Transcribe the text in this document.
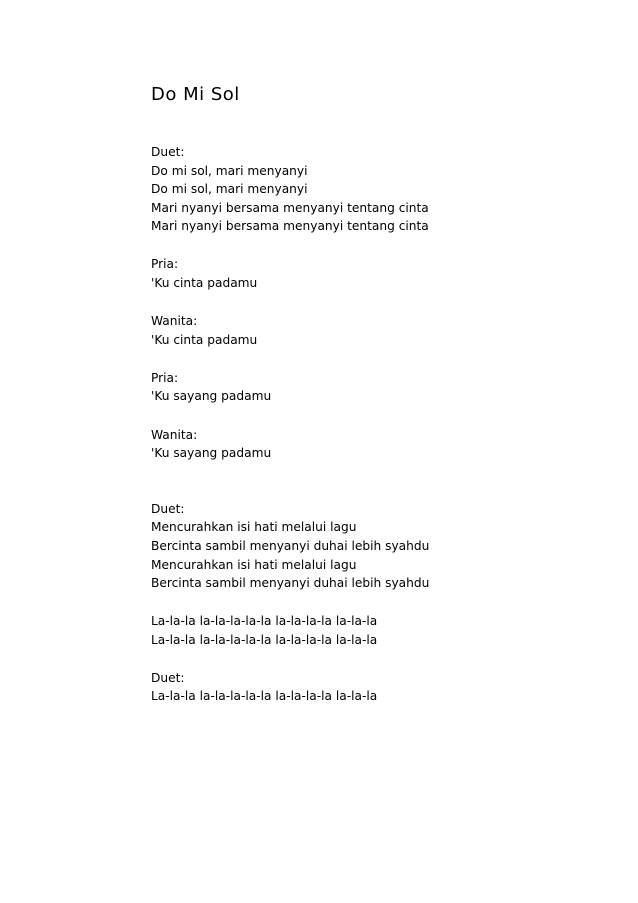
Do Mi Sol
Duet:
Do mi sol, mari menyanyi
Do mi sol, mari menyanyi
Mari nyanyi bersama menyanyi tentang cinta
Mari nyanyi bersama menyanyi tentang cinta
Pria:
'Ku cinta padamu
Wanita:
'Ku cinta padamu
Pria:
'Ku sayang padamu
Wanita:
'Ku sayang padamu
Duet:
Mencurahkan isi hati melalui lagu
Bercinta sambil menyanyi duhai lebih syahdu
Mencurahkan isi hati melalui lagu
Bercinta sambil menyanyi duhai lebih syahdu
La-la-la la-la-la-la-la la-la-la-la la-la-la
La-la-la la-la-la-la-la la-la-la-la la-la-la
Duet:
La-la-la la-la-la-la-la la-la-la-la la-la-la
